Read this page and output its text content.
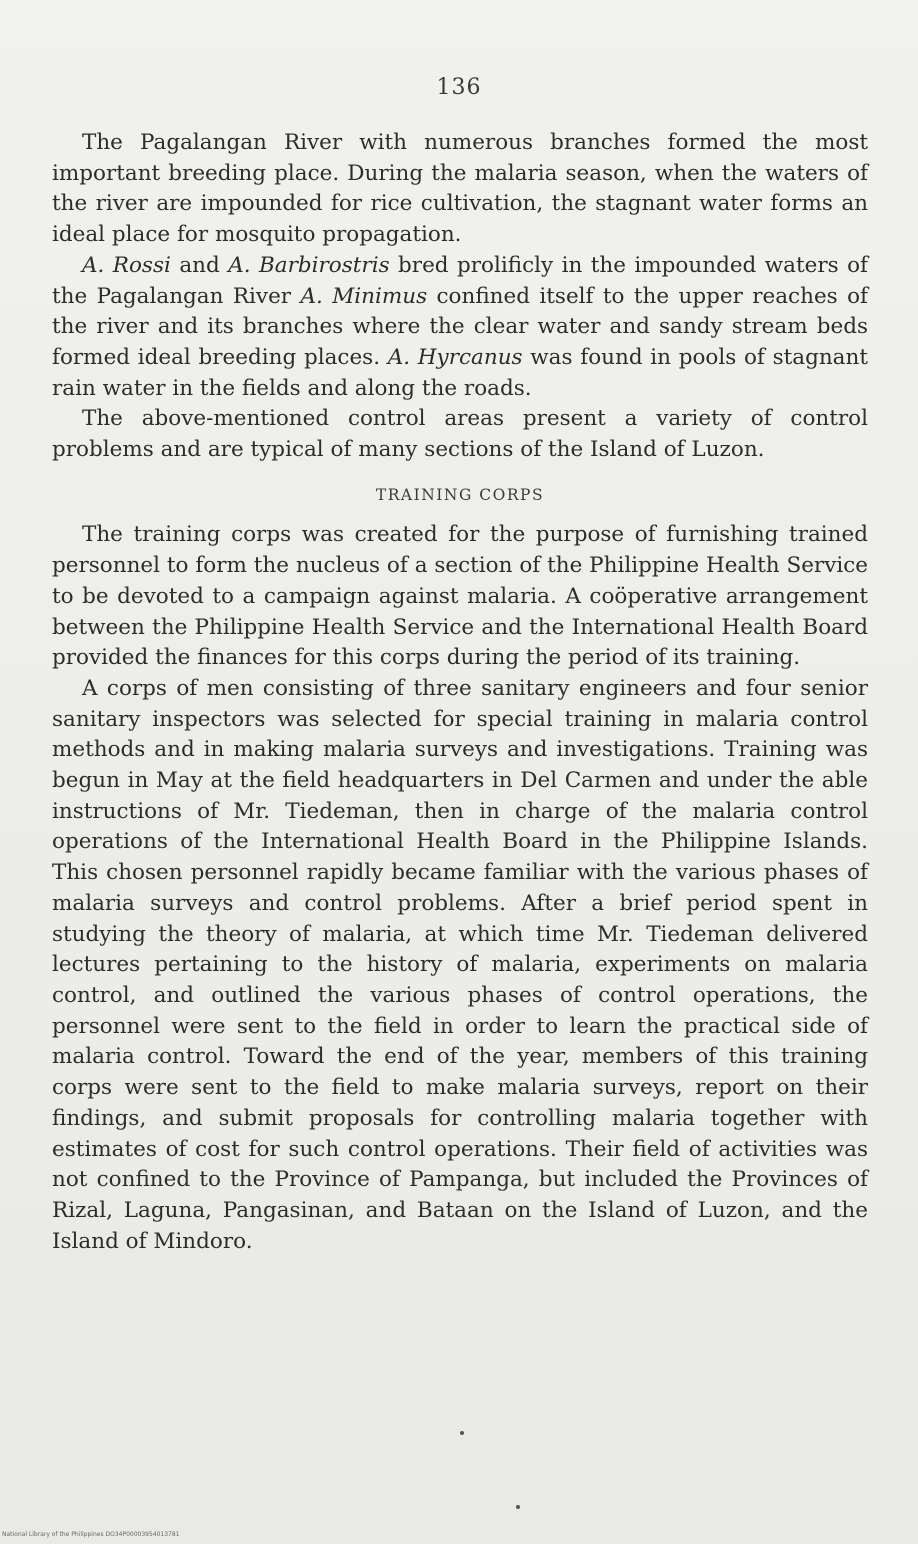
136

The Pagalangan River with numerous branches formed the most important breeding place. During the malaria season, when the waters of the river are impounded for rice cultivation, the stagnant water forms an ideal place for mosquito propagation.

A. Rossi and A. Barbirostris bred prolificly in the impounded waters of the Pagalangan River A. Minimus confined itself to the upper reaches of the river and its branches where the clear water and sandy stream beds formed ideal breeding places. A. Hyrcanus was found in pools of stagnant rain water in the fields and along the roads.

The above-mentioned control areas present a variety of control problems and are typical of many sections of the Island of Luzon.

TRAINING CORPS

The training corps was created for the purpose of furnishing trained personnel to form the nucleus of a section of the Philippine Health Service to be devoted to a campaign against malaria. A coöperative arrangement between the Philippine Health Service and the International Health Board provided the finances for this corps during the period of its training.

A corps of men consisting of three sanitary engineers and four senior sanitary inspectors was selected for special training in malaria control methods and in making malaria surveys and investigations. Training was begun in May at the field headquarters in Del Carmen and under the able instructions of Mr. Tiedeman, then in charge of the malaria control operations of the International Health Board in the Philippine Islands. This chosen personnel rapidly became familiar with the various phases of malaria surveys and control problems. After a brief period spent in studying the theory of malaria, at which time Mr. Tiedeman delivered lectures pertaining to the history of malaria, experiments on malaria control, and outlined the various phases of control operations, the personnel were sent to the field in order to learn the practical side of malaria control. Toward the end of the year, members of this training corps were sent to the field to make malaria surveys, report on their findings, and submit proposals for controlling malaria together with estimates of cost for such control operations. Their field of activities was not confined to the Province of Pampanga, but included the Provinces of Rizal, Laguna, Pangasinan, and Bataan on the Island of Luzon, and the Island of Mindoro.

National Library of the Philippines DO34P00003954013781
